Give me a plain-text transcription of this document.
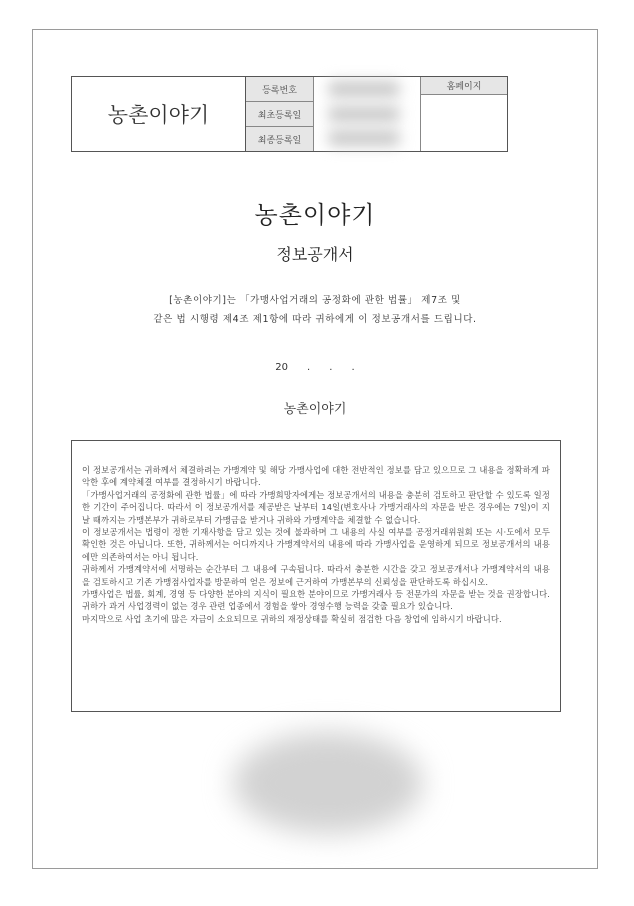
농촌이야기
등록번호
최초등록일
최종등록일
홈페이지
농촌이야기
정보공개서
[농촌이야기]는 「가맹사업거래의 공정화에 관한 법률」 제7조 및
같은 법 시행령 제4조 제1항에 따라 귀하에게 이 정보공개서를 드립니다.
20      .      .      .
농촌이야기

이 정보공개서는 귀하께서 체결하려는 가맹계약 및 해당 가맹사업에 대한 전반적인 정보를 담고 있으므로 그 내용을 정확하게 파악한 후에 계약체결 여부를 결정하시기 바랍니다.

「가맹사업거래의 공정화에 관한 법률」에 따라 가맹희망자에게는 정보공개서의 내용을 충분히 검토하고 판단할 수 있도록 일정한 기간이 주어집니다. 따라서 이 정보공개서를 제공받은 날부터 14일(변호사나 가맹거래사의 자문을 받은 경우에는 7일)이 지날 때까지는 가맹본부가 귀하로부터 가맹금을 받거나 귀하와 가맹계약을 체결할 수 없습니다.

이 정보공개서는 법령이 정한 기재사항을 담고 있는 것에 불과하며 그 내용의 사실 여부를 공정거래위원회 또는 시·도에서 모두 확인한 것은 아닙니다. 또한, 귀하께서는 어디까지나 가맹계약서의 내용에 따라 가맹사업을 운영하게 되므로 정보공개서의 내용에만 의존하여서는 아니 됩니다.

귀하께서 가맹계약서에 서명하는 순간부터 그 내용에 구속됩니다. 따라서 충분한 시간을 갖고 정보공개서나 가맹계약서의 내용을 검토하시고 기존 가맹점사업자를 방문하여 얻은 정보에 근거하여 가맹본부의 신뢰성을 판단하도록 하십시오.

가맹사업은 법률, 회계, 경영 등 다양한 분야의 지식이 필요한 분야이므로 가맹거래사 등 전문가의 자문을 받는 것을 권장합니다. 귀하가 과거 사업경력이 없는 경우 관련 업종에서 경험을 쌓아 경영수행 능력을 갖출 필요가 있습니다.

마지막으로 사업 초기에 많은 자금이 소요되므로 귀하의 재정상태를 확실히 점검한 다음 창업에 임하시기 바랍니다.
